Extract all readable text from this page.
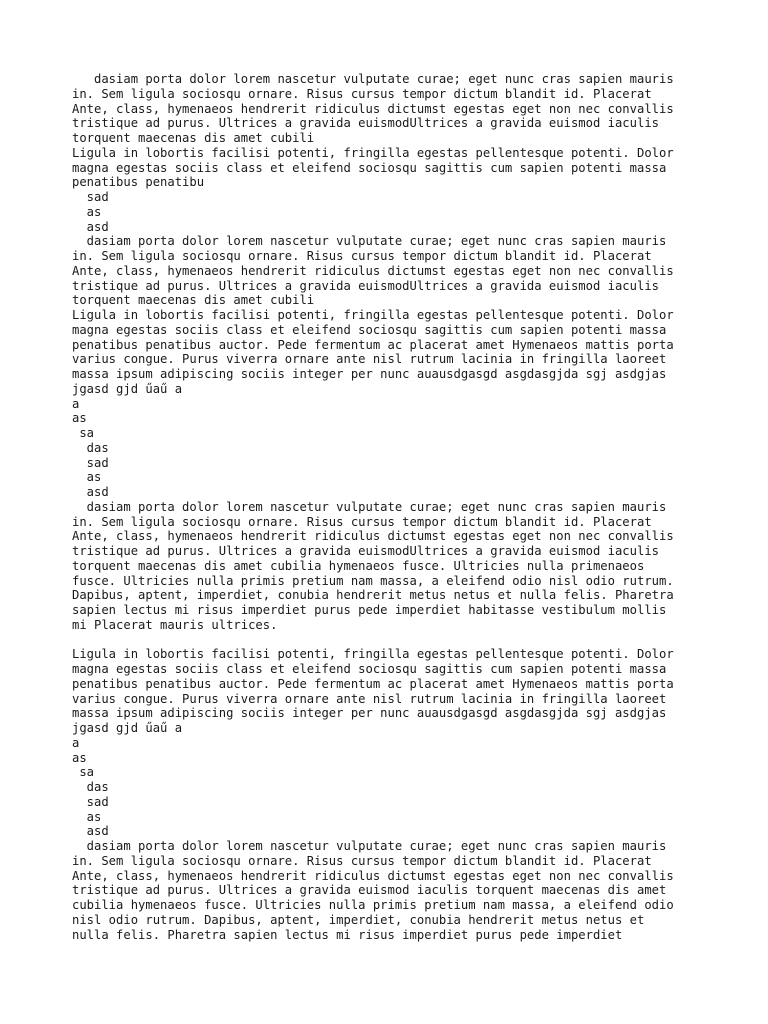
dasiam porta dolor lorem nascetur vulputate curae; eget nunc cras sapien mauris
in. Sem ligula sociosqu ornare. Risus cursus tempor dictum blandit id. Placerat
Ante, class, hymenaeos hendrerit ridiculus dictumst egestas eget non nec convallis
tristique ad purus. Ultrices a gravida euismodUltrices a gravida euismod iaculis
torquent maecenas dis amet cubili
Ligula in lobortis facilisi potenti, fringilla egestas pellentesque potenti. Dolor
magna egestas sociis class et eleifend sociosqu sagittis cum sapien potenti massa
penatibus penatibu
sad
as
asd
dasiam porta dolor lorem nascetur vulputate curae; eget nunc cras sapien mauris
in. Sem ligula sociosqu ornare. Risus cursus tempor dictum blandit id. Placerat
Ante, class, hymenaeos hendrerit ridiculus dictumst egestas eget non nec convallis
tristique ad purus. Ultrices a gravida euismodUltrices a gravida euismod iaculis
torquent maecenas dis amet cubili
Ligula in lobortis facilisi potenti, fringilla egestas pellentesque potenti. Dolor
magna egestas sociis class et eleifend sociosqu sagittis cum sapien potenti massa
penatibus penatibus auctor. Pede fermentum ac placerat amet Hymenaeos mattis porta
varius congue. Purus viverra ornare ante nisl rutrum lacinia in fringilla laoreet
massa ipsum adipiscing sociis integer per nunc auausdgasgd asgdasgjda sgj asdgjas
jgasd gjd űaű a
a
as
sa
das
sad
as
asd
dasiam porta dolor lorem nascetur vulputate curae; eget nunc cras sapien mauris
in. Sem ligula sociosqu ornare. Risus cursus tempor dictum blandit id. Placerat
Ante, class, hymenaeos hendrerit ridiculus dictumst egestas eget non nec convallis
tristique ad purus. Ultrices a gravida euismodUltrices a gravida euismod iaculis
torquent maecenas dis amet cubilia hymenaeos fusce. Ultricies nulla primenaeos
fusce. Ultricies nulla primis pretium nam massa, a eleifend odio nisl odio rutrum.
Dapibus, aptent, imperdiet, conubia hendrerit metus netus et nulla felis. Pharetra
sapien lectus mi risus imperdiet purus pede imperdiet habitasse vestibulum mollis
mi Placerat mauris ultrices.
Ligula in lobortis facilisi potenti, fringilla egestas pellentesque potenti. Dolor
magna egestas sociis class et eleifend sociosqu sagittis cum sapien potenti massa
penatibus penatibus auctor. Pede fermentum ac placerat amet Hymenaeos mattis porta
varius congue. Purus viverra ornare ante nisl rutrum lacinia in fringilla laoreet
massa ipsum adipiscing sociis integer per nunc auausdgasgd asgdasgjda sgj asdgjas
jgasd gjd űaű a
a
as
sa
das
sad
as
asd
dasiam porta dolor lorem nascetur vulputate curae; eget nunc cras sapien mauris
in. Sem ligula sociosqu ornare. Risus cursus tempor dictum blandit id. Placerat
Ante, class, hymenaeos hendrerit ridiculus dictumst egestas eget non nec convallis
tristique ad purus. Ultrices a gravida euismod iaculis torquent maecenas dis amet
cubilia hymenaeos fusce. Ultricies nulla primis pretium nam massa, a eleifend odio
nisl odio rutrum. Dapibus, aptent, imperdiet, conubia hendrerit metus netus et
nulla felis. Pharetra sapien lectus mi risus imperdiet purus pede imperdiet
